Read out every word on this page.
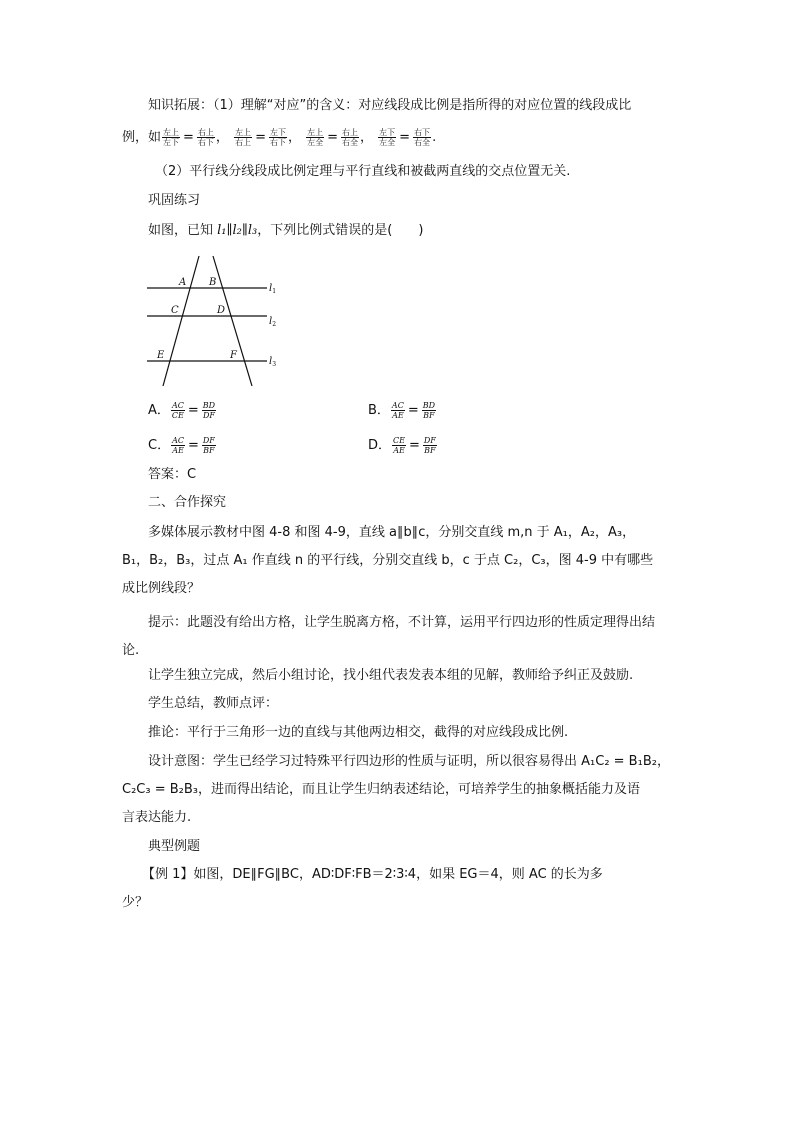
知识拓展：（1）理解“对应”的含义：对应线段成比例是指所得的对应位置的线段成比
例，如 $\frac{\text{左上}}{\text{左下}} = \frac{\text{右上}}{\text{右下}}$ ， $\frac{\text{左上}}{\text{右上}} = \frac{\text{左下}}{\text{右下}}$ ， $\frac{\text{左上}}{\text{左全}} = \frac{\text{右上}}{\text{右全}}$ ， $\frac{\text{左下}}{\text{左全}} = \frac{\text{右下}}{\text{右全}}$ .
（2）平行线分线段成比例定理与平行直线和被截两直线的交点位置无关.
巩固练习
如图，已知 l₁∥l₂∥l₃，下列比例式错误的是(　　)
A B
C	D
E	F
$l_1$
$l_2$
$l_3$
A． $\frac{AC}{CE} = \frac{BD}{DF}$	B． $\frac{AC}{AE} = \frac{BD}{BF}$
C． $\frac{AC}{AE} = \frac{DF}{BF}$	D． $\frac{CE}{AE} = \frac{DF}{BF}$
答案：C
二、合作探究
多媒体展示教材中图 4-8 和图 4-9，直线 a∥b∥c，分别交直线 m,n 于 A₁，A₂，A₃，
B₁，B₂，B₃，过点 A₁ 作直线 n 的平行线，分别交直线 b，c 于点 C₂，C₃，图 4-9 中有哪些
成比例线段？
提示：此题没有给出方格，让学生脱离方格，不计算，运用平行四边形的性质定理得出结论.
让学生独立完成，然后小组讨论，找小组代表发表本组的见解，教师给予纠正及鼓励.
学生总结，教师点评：
推论：平行于三角形一边的直线与其他两边相交，截得的对应线段成比例.
设计意图：学生已经学习过特殊平行四边形的性质与证明，所以很容易得出 A₁C₂ = B₁B₂，
C₂C₃ = B₂B₃，进而得出结论，而且让学生归纳表述结论，可培养学生的抽象概括能力及语
言表达能力.
典型例题
【例 1】如图，DE∥FG∥BC，AD∶DF∶FB＝2∶3∶4，如果 EG＝4，则 AC 的长为多
少？
